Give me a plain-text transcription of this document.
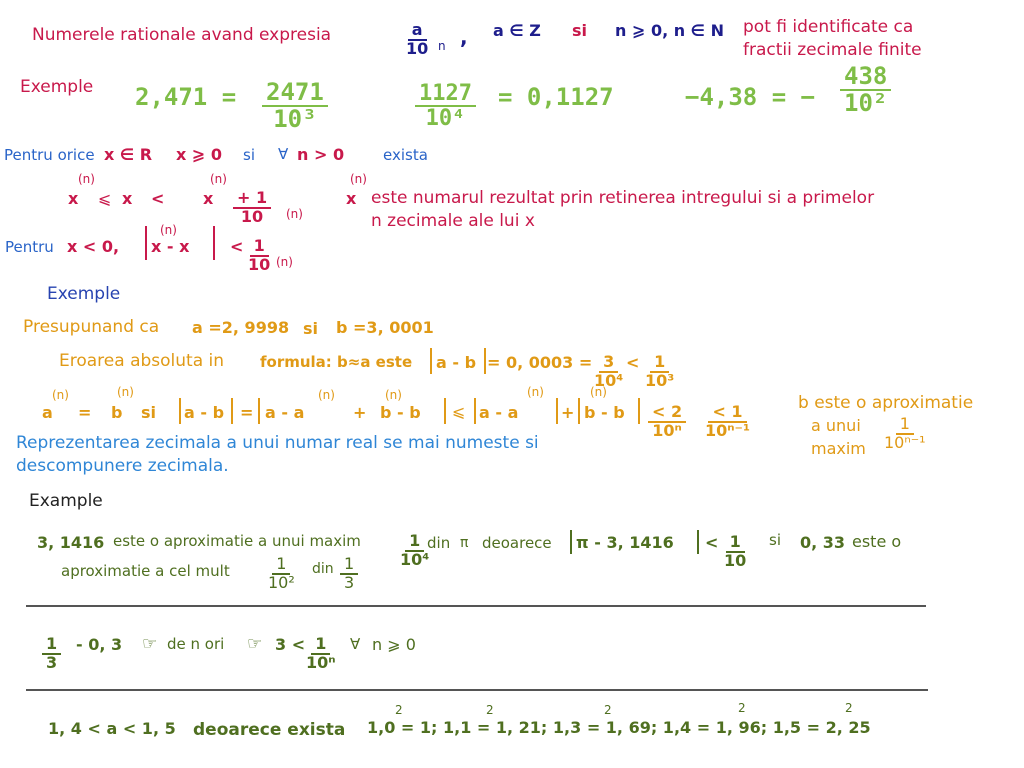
Numerele rationale avand expresia	$\frac{a}{10}$ n , a ∈ Z si n ⩾ 0, n ∈ N pot fi identificate ca
fractii zecimale finite
Exemple $2,471 = \frac{2471}{\text{10³}}$	$\frac{1127}{\text{10⁴}} = 0,1127$	−4,38 = − $\frac{438}{\text{10²}}$
Pentru orice x ∈ R x ⩾ 0 si ∀ n > 0	exista
(n)
x ⩽ x <
(n)
x $\frac{+ 1}{10} (n)$
(n)
x este numarul rezultat prin retinerea intregului si a primelor
n zecimale ale lui x
Pentru x < 0,
(n)
x - x	< $\frac{1}{10} (n)$
Exemple
Presupunand ca a =2, 9998 si b =3, 0001
Eroarea absoluta in formula: b≈a este a - b = 0, $0003 = \frac{3}{\text{10⁴}} < \frac{1}{\text{10³}}$
(n)
a =
(n)
b si a - b = a - a
(n)
+ b - b
(n)
⩽ a - a
(n)
+ b - b
(n)
$\frac{< 2}{\text{10ⁿ}} \frac{< 1}{\text{10ⁿ⁻¹}}$
b este o aproximatie
a unui
maxim $\frac{1}{\text{10ⁿ⁻¹}}$
Reprezentarea zecimala a unui numar real se mai numeste si
descompunere zecimala.
Example
3, 1416 este o aproximatie a unui maxim $\frac{1}{\text{10⁴}}$
din π deoarece π - 3, $1416 < \frac{1}{10}$ si 0, 33 este o
aproximatie a cel mult $\frac{1}{\text{10²}}$ din $\frac{1}{3}$
$\frac{1}{3} - 0$, 3 ☞ de n ori ☞ 3 <
$\frac{1}{\text{10ⁿ}}$ ∀ n ⩾ 0
1, 4 < a < 1, 5 deoarece exista 1,0 = 1; 1,1 = 1, 21; 1,3 = 1, 69; 1,4 = 1, 96; 1,5 = 2, 25
2	2	2	2	2
